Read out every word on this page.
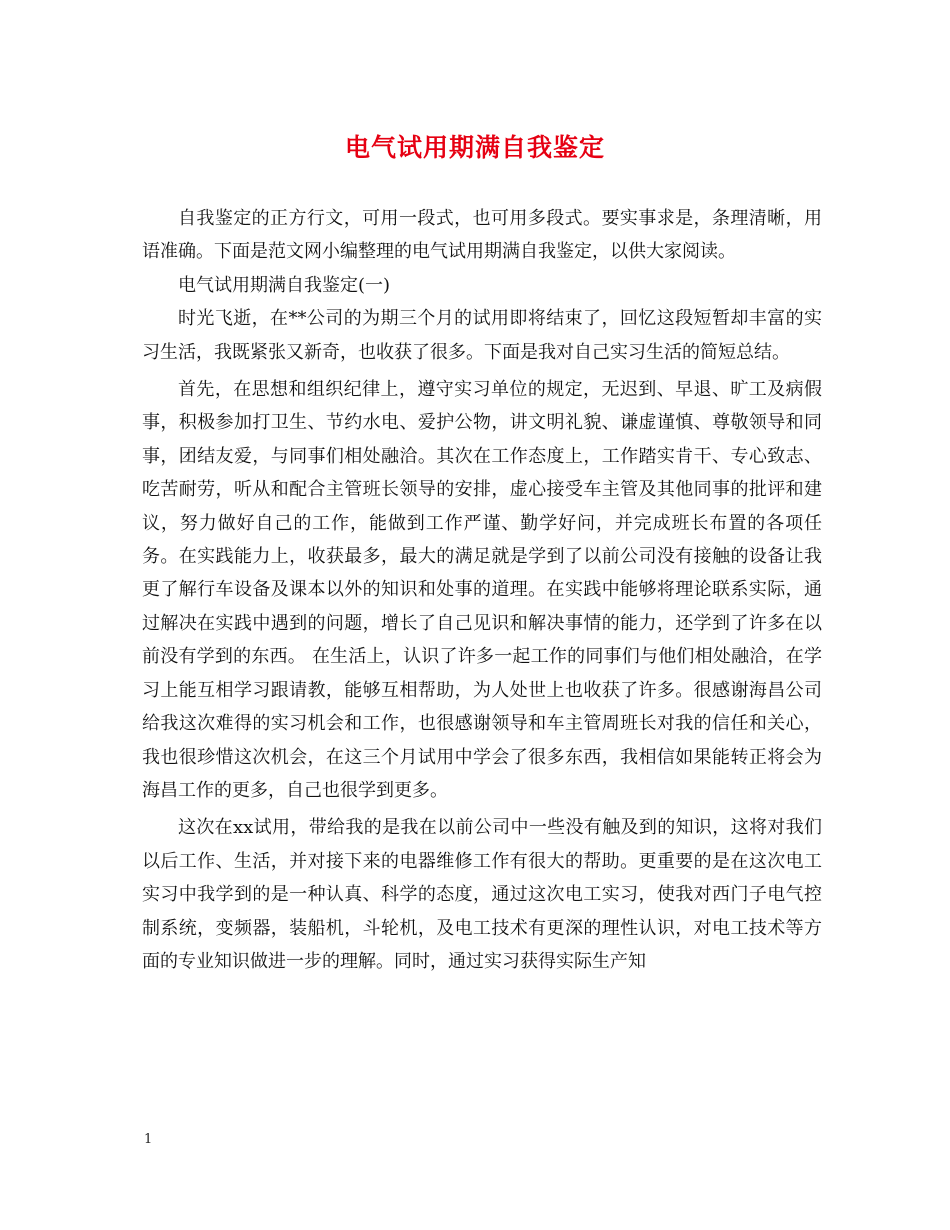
电气试用期满自我鉴定

自我鉴定的正方行文，可用一段式，也可用多段式。要实事求是，条理清晰，用语准确。下面是范文网小编整理的电气试用期满自我鉴定，以供大家阅读。

电气试用期满自我鉴定(一)

时光飞逝，在**公司的为期三个月的试用即将结束了，回忆这段短暂却丰富的实习生活，我既紧张又新奇，也收获了很多。下面是我对自己实习生活的简短总结。

首先，在思想和组织纪律上，遵守实习单位的规定，无迟到、早退、旷工及病假事，积极参加打卫生、节约水电、爱护公物，讲文明礼貌、谦虚谨慎、尊敬领导和同事，团结友爱，与同事们相处融洽。其次在工作态度上，工作踏实肯干、专心致志、吃苦耐劳，听从和配合主管班长领导的安排，虚心接受车主管及其他同事的批评和建议，努力做好自己的工作，能做到工作严谨、勤学好问，并完成班长布置的各项任务。在实践能力上，收获最多，最大的满足就是学到了以前公司没有接触的设备让我更了解行车设备及课本以外的知识和处事的道理。在实践中能够将理论联系实际，通过解决在实践中遇到的问题，增长了自己见识和解决事情的能力，还学到了许多在以前没有学到的东西。 在生活上，认识了许多一起工作的同事们与他们相处融洽，在学习上能互相学习跟请教，能够互相帮助，为人处世上也收获了许多。很感谢海昌公司给我这次难得的实习机会和工作，也很感谢领导和车主管周班长对我的信任和关心，我也很珍惜这次机会，在这三个月试用中学会了很多东西，我相信如果能转正将会为海昌工作的更多，自己也很学到更多。

这次在xx试用，带给我的是我在以前公司中一些没有触及到的知识，这将对我们以后工作、生活，并对接下来的电器维修工作有很大的帮助。更重要的是在这次电工实习中我学到的是一种认真、科学的态度，通过这次电工实习，使我对西门子电气控制系统，变频器，装船机，斗轮机，及电工技术有更深的理性认识，对电工技术等方面的专业知识做进一步的理解。同时，通过实习获得实际生产知

1
